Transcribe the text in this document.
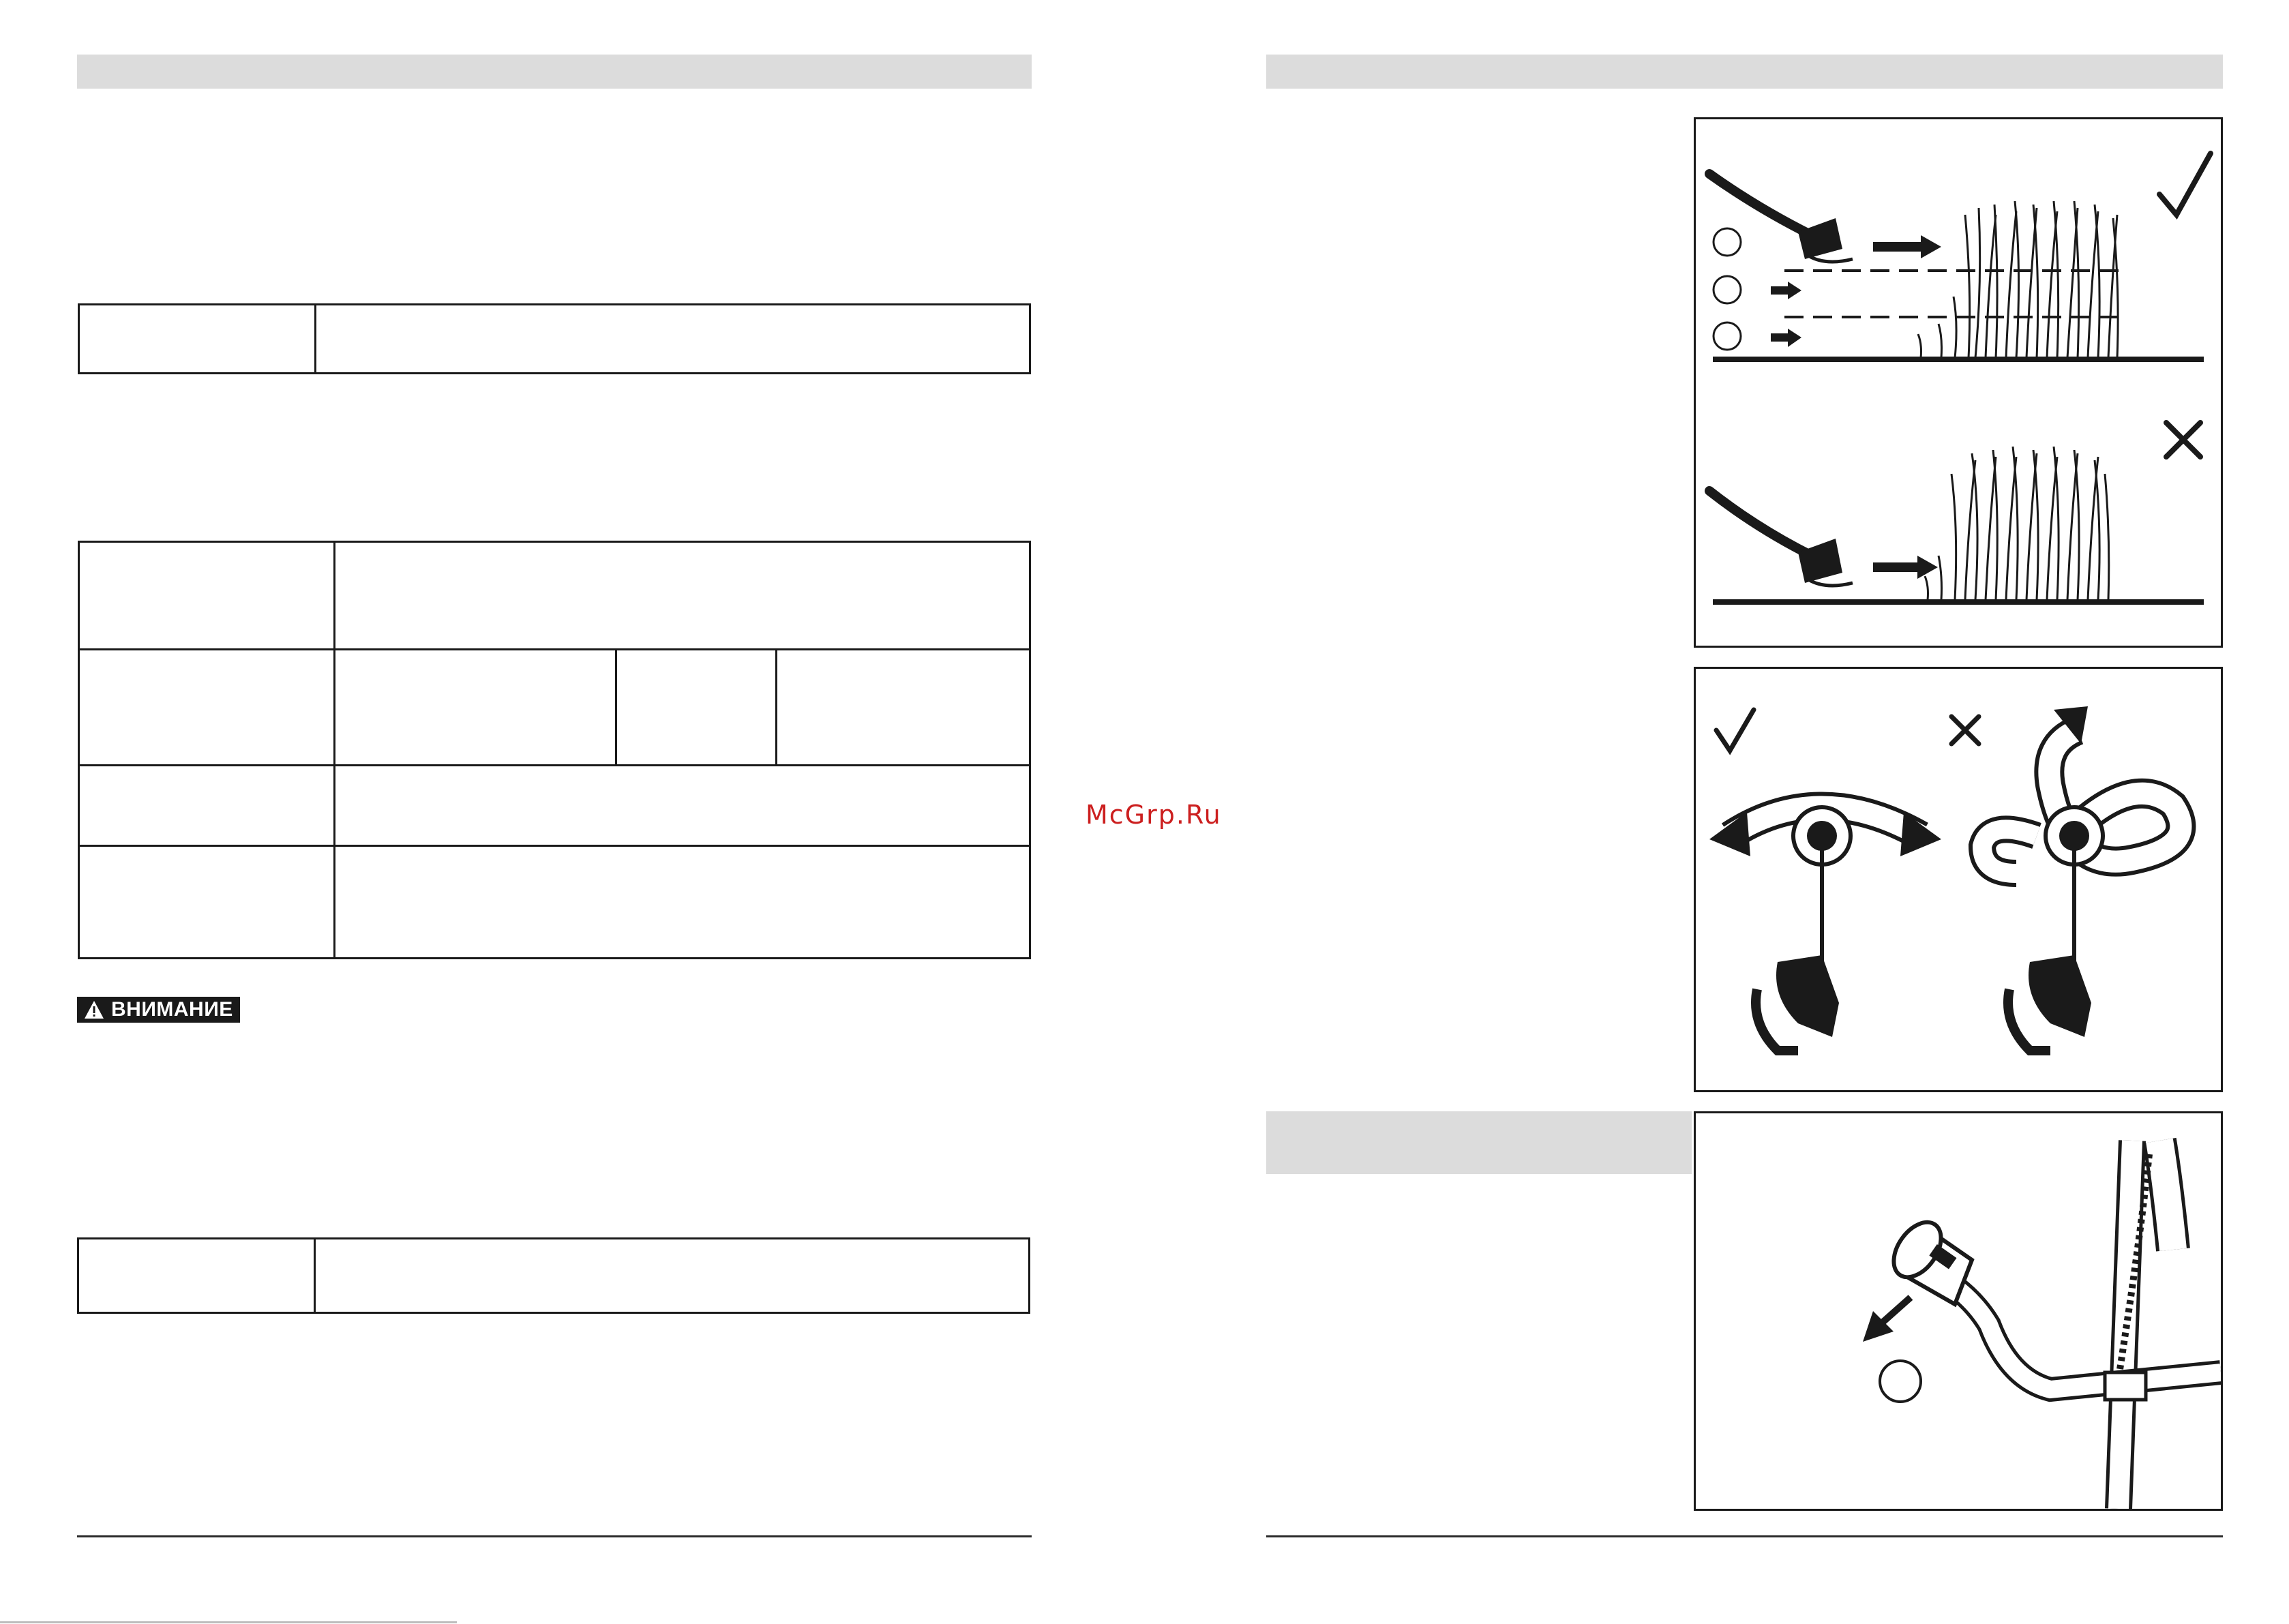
ВНИМАНИЕ

McGrp.Ru
